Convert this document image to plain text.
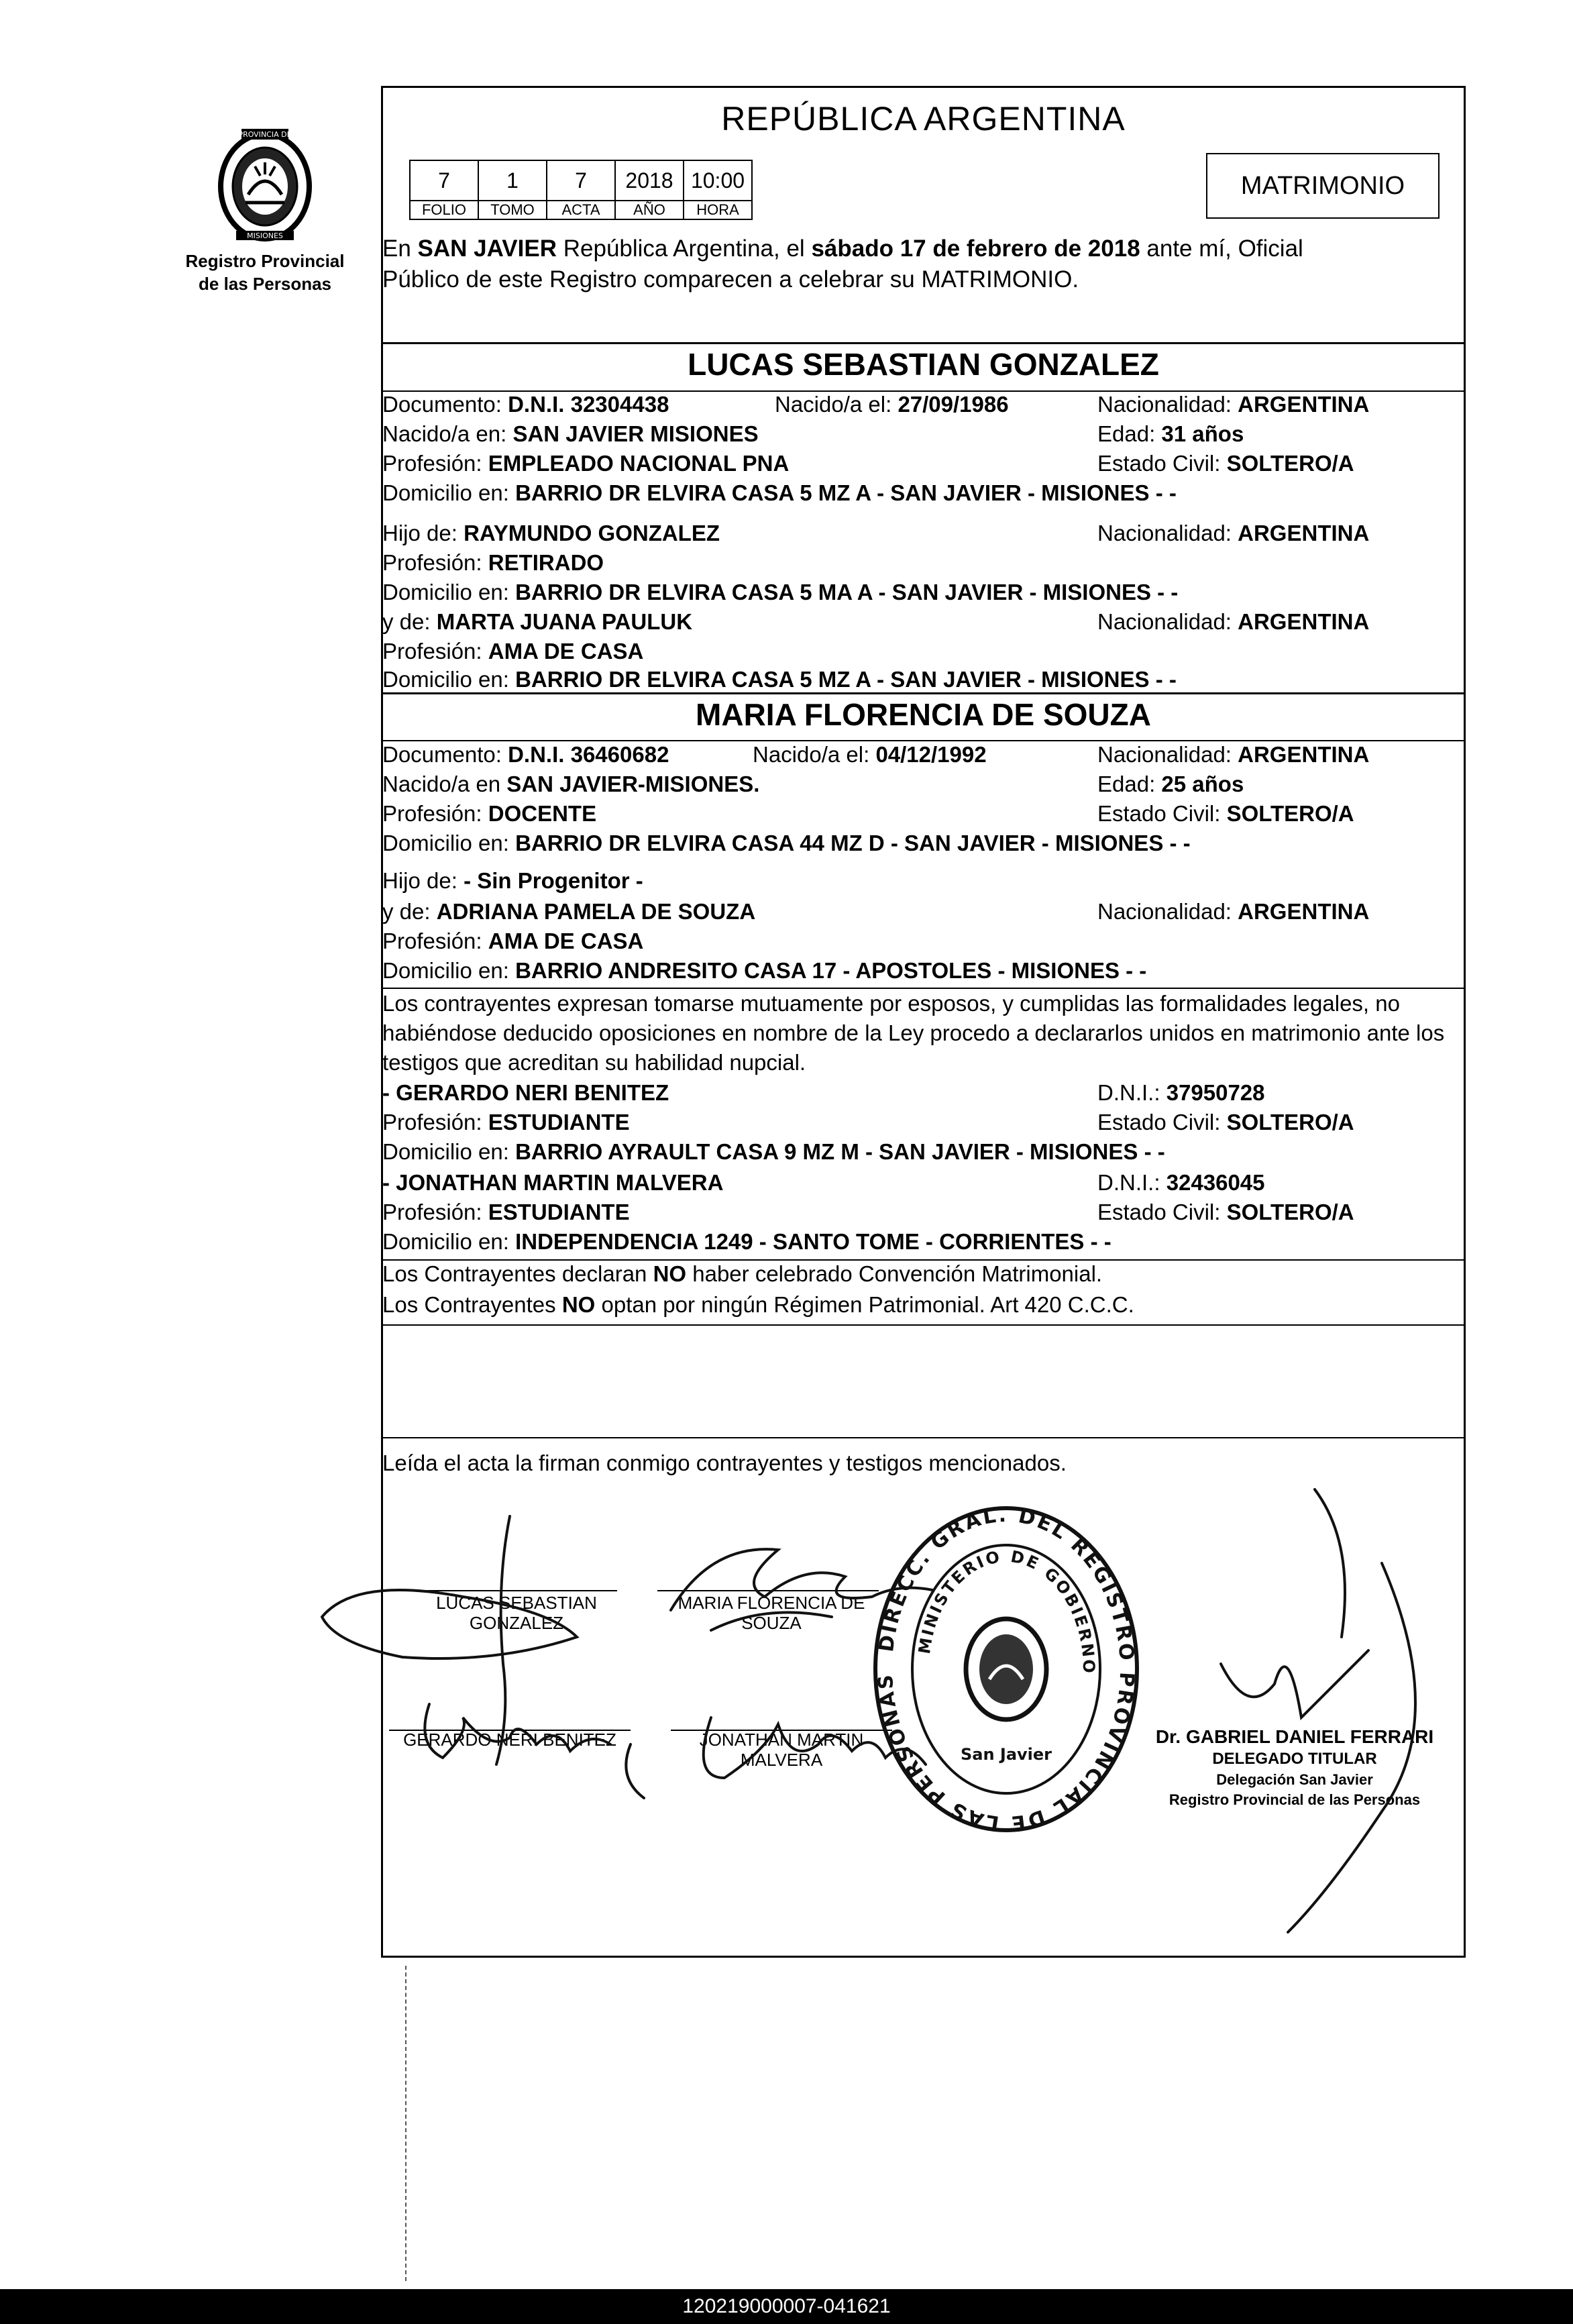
PROVINCIA DE
MISIONES
Registro Provincial
de las Personas
REPÚBLICA ARGENTINA
7	1	7	2018	10:00
FOLIO	TOMO	ACTA	AÑO	HORA
MATRIMONIO
En SAN JAVIER República Argentina, el sábado 17 de febrero de 2018 ante mí, Oficial
Público de este Registro comparecen a celebrar su MATRIMONIO.
LUCAS SEBASTIAN GONZALEZ
Documento: D.N.I. 32304438	Nacido/a el: 27/09/1986	Nacionalidad: ARGENTINA
Nacido/a en: SAN JAVIER MISIONES	Edad: 31 años
Profesión: EMPLEADO NACIONAL PNA	Estado Civil: SOLTERO/A
Domicilio en: BARRIO DR ELVIRA CASA 5 MZ A - SAN JAVIER - MISIONES - -
Hijo de: RAYMUNDO GONZALEZ	Nacionalidad: ARGENTINA
Profesión: RETIRADO
Domicilio en: BARRIO DR ELVIRA CASA 5 MA A - SAN JAVIER - MISIONES - -
y de: MARTA JUANA PAULUK	Nacionalidad: ARGENTINA
Profesión: AMA DE CASA
Domicilio en: BARRIO DR ELVIRA CASA 5 MZ A - SAN JAVIER - MISIONES - -
MARIA FLORENCIA DE SOUZA
Documento: D.N.I. 36460682	Nacido/a el: 04/12/1992	Nacionalidad: ARGENTINA
Nacido/a en SAN JAVIER-MISIONES.	Edad: 25 años
Profesión: DOCENTE	Estado Civil: SOLTERO/A
Domicilio en: BARRIO DR ELVIRA CASA 44 MZ D - SAN JAVIER - MISIONES - -
Hijo de: - Sin Progenitor -
y de: ADRIANA PAMELA DE SOUZA	Nacionalidad: ARGENTINA
Profesión: AMA DE CASA
Domicilio en: BARRIO ANDRESITO CASA 17 - APOSTOLES - MISIONES - -
Los contrayentes expresan tomarse mutuamente por esposos, y cumplidas las formalidades legales, no habiéndose deducido oposiciones en nombre de la Ley procedo a declararlos unidos en matrimonio ante los testigos que acreditan su habilidad nupcial.
- GERARDO NERI BENITEZ	D.N.I.: 37950728
Profesión: ESTUDIANTE	Estado Civil: SOLTERO/A
Domicilio en: BARRIO AYRAULT CASA 9 MZ M - SAN JAVIER - MISIONES - -
- JONATHAN MARTIN MALVERA	D.N.I.: 32436045
Profesión: ESTUDIANTE	Estado Civil: SOLTERO/A
Domicilio en: INDEPENDENCIA 1249 - SANTO TOME - CORRIENTES - -
Los Contrayentes declaran NO haber celebrado Convención Matrimonial.
Los Contrayentes NO optan por ningún Régimen Patrimonial. Art 420 C.C.C.
Leída el acta la firman conmigo contrayentes y testigos mencionados.
LUCAS SEBASTIAN
GONZALEZ
MARIA FLORENCIA DE
SOUZA
GERARDO NERI BENITEZ	JONATHAN MARTIN
MALVERA
Dr. GABRIEL DANIEL FERRARI
DELEGADO TITULAR
Delegación San Javier
Registro Provincial de las Personas
DIRECC. GRAL. DEL REGISTRO PROVINCIAL DE LAS PERSONAS
MINISTERIO DE GOBIERNO
San Javier
120219000007-041621
